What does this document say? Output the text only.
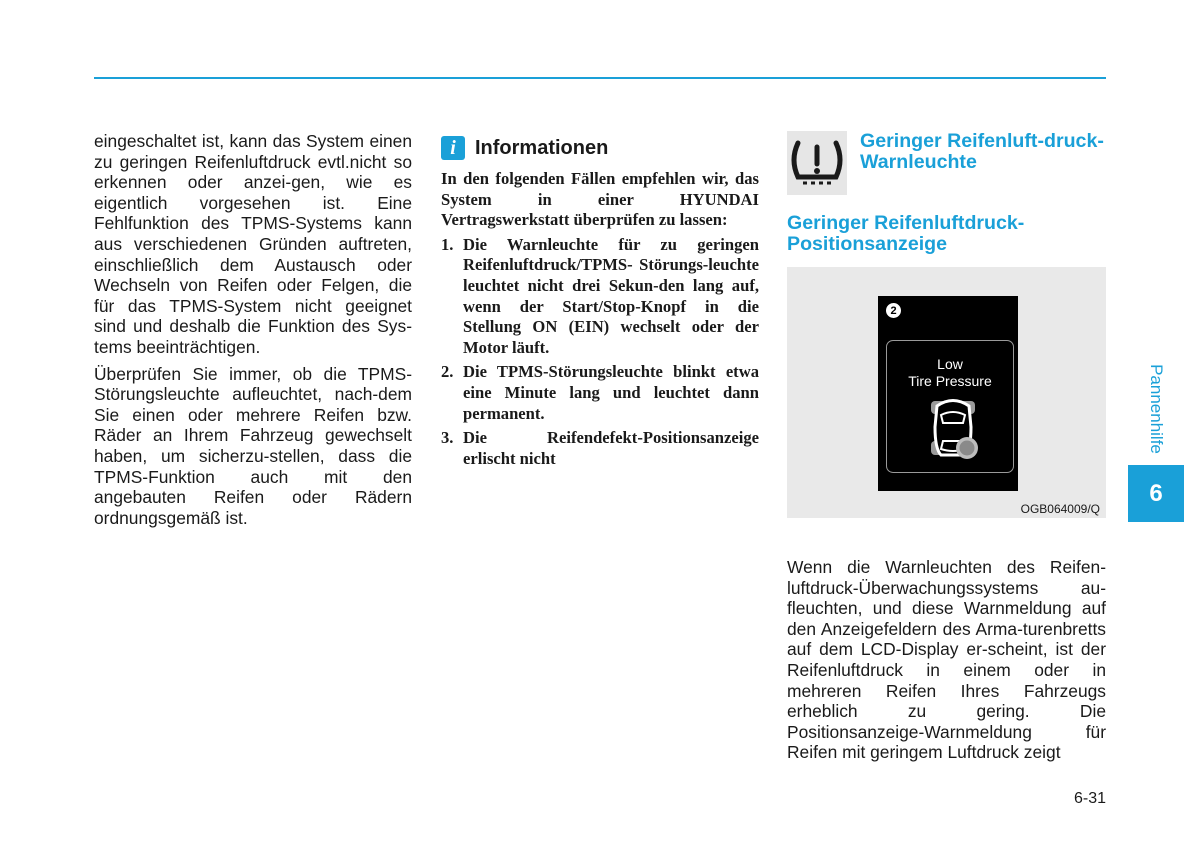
eingeschaltet ist, kann das System einen zu geringen Reifenluftdruck evtl.nicht so erkennen oder anzei-gen, wie es eigentlich vorgesehen ist. Eine Fehlfunktion des TPMS-Systems kann aus verschiedenen Gründen auftreten, einschließlich dem Austausch oder Wechseln von Reifen oder Felgen, die für das TPMS-System nicht geeignet sind und deshalb die Funktion des Sys-tems beeinträchtigen.

Überprüfen Sie immer, ob die TPMS-Störungsleuchte aufleuchtet, nach-dem Sie einen oder mehrere Reifen bzw. Räder an Ihrem Fahrzeug gewechselt haben, um sicherzu-stellen, dass die TPMS-Funktion auch mit den angebauten Reifen oder Rädern ordnungsgemäß ist.

i Informationen

In den folgenden Fällen empfehlen wir, das System in einer HYUNDAI Vertragswerkstatt überprüfen zu lassen:

1. Die Warnleuchte für zu geringen Reifenluftdruck/TPMS- Störungs-leuchte leuchtet nicht drei Sekun-den lang auf, wenn der Start/Stop-Knopf in die Stellung ON (EIN) wechselt oder der Motor läuft.
2. Die TPMS-Störungsleuchte blinkt etwa eine Minute lang und leuchtet dann permanent.
3. Die Reifendefekt-Positionsanzeige erlischt nicht
Geringer Reifenluft-druck-Warnleuchte
Geringer Reifenluftdruck-Positionsanzeige
2
Low
Tire Pressure
OGB064009/Q
Wenn die Warnleuchten des Reifen-luftdruck-Überwachungssystems au-fleuchten, und diese Warnmeldung auf den Anzeigefeldern des Arma-turenbretts auf dem LCD-Display er-scheint, ist der Reifenluftdruck in einem oder in mehreren Reifen Ihres Fahrzeugs erheblich zu gering. Die Positionsanzeige-Warnmeldung für Reifen mit geringem Luftdruck zeigt
Pannenhilfe
6
6-31
